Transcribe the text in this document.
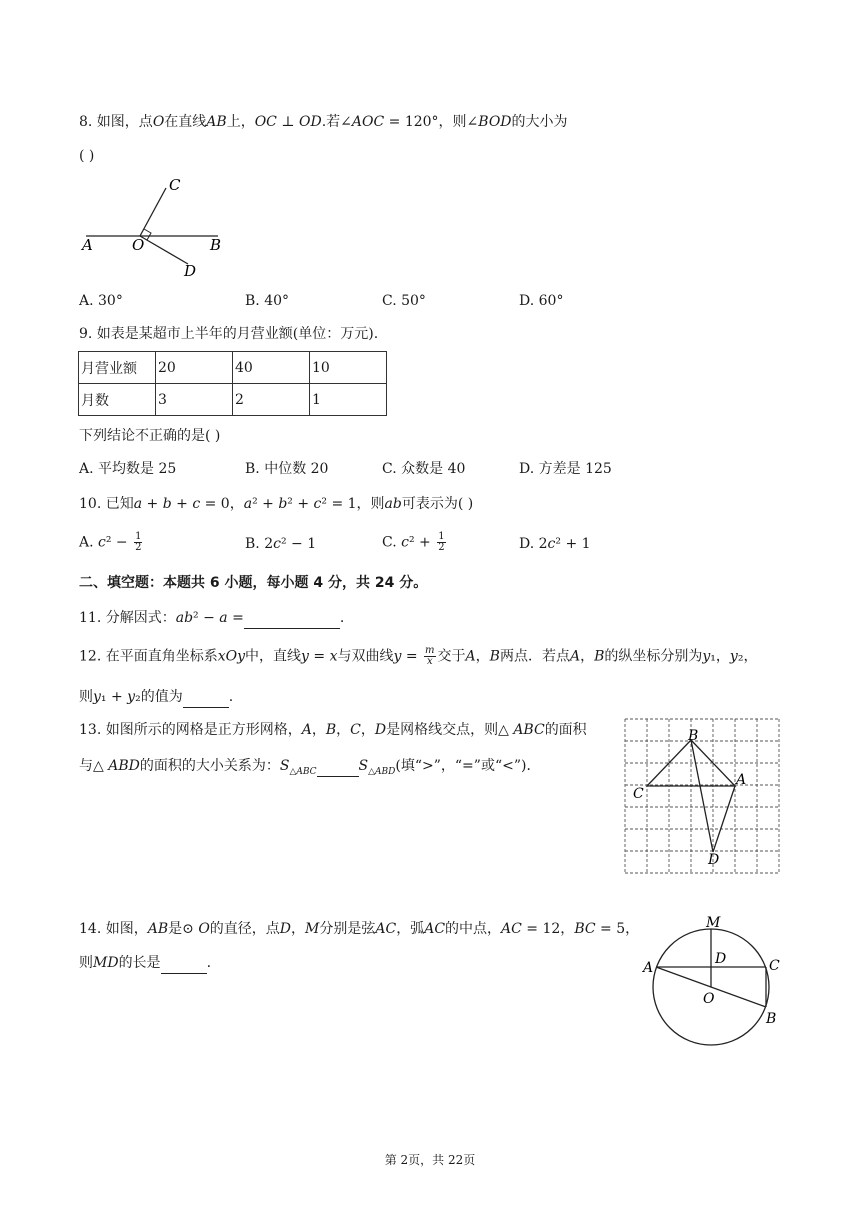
8. 如图，点O在直线AB上，OC ⊥ OD.若∠AOC = 120°，则∠BOD的大小为
( )
C
A	O	B
D
A. 30°	B. 40°	C. 50°	D. 60°
9. 如表是某超市上半年的月营业额(单位：万元).
月营业额	20	40	10
月数	3	2	1
下列结论不正确的是( )
A. 平均数是 25	B. 中位数 20	C. 众数是 40	D. 方差是 125
10. 已知a + b + c = 0，a² + b² + c² = 1，则ab可表示为( )
A. $c^2 - \frac{1}{2}$	B. 2c² − 1	C. $c^2 + \frac{1}{2}$	D. 2c² + 1
二、填空题：本题共 6 小题，每小题 4 分，共 24 分。
11. 分解因式：ab² − a =	.
12. 在平面直角坐标系xOy中，直线y = x与双曲线$y = \frac{m}{x}$ 交于A，B两点．若点A，B的纵坐标分别为y₁，y₂，
则y₁ + y₂的值为	.
13. 如图所示的网格是正方形网格，A，B，C，D是网格线交点，则△ ABC的面积
与△ ABD的面积的大小关系为：$S_{\triangle ABC}$	$S_{\triangle ABD}$(填“>”，“=”或“<”)．
B
A
C
D
14. 如图，AB是⊙ O的直径，点D，M分别是弦AC，弧AC的中点，AC = 12，BC = 5，
则MD的长是	.
M
A
D	C
O
B
第 2页，共 22页
